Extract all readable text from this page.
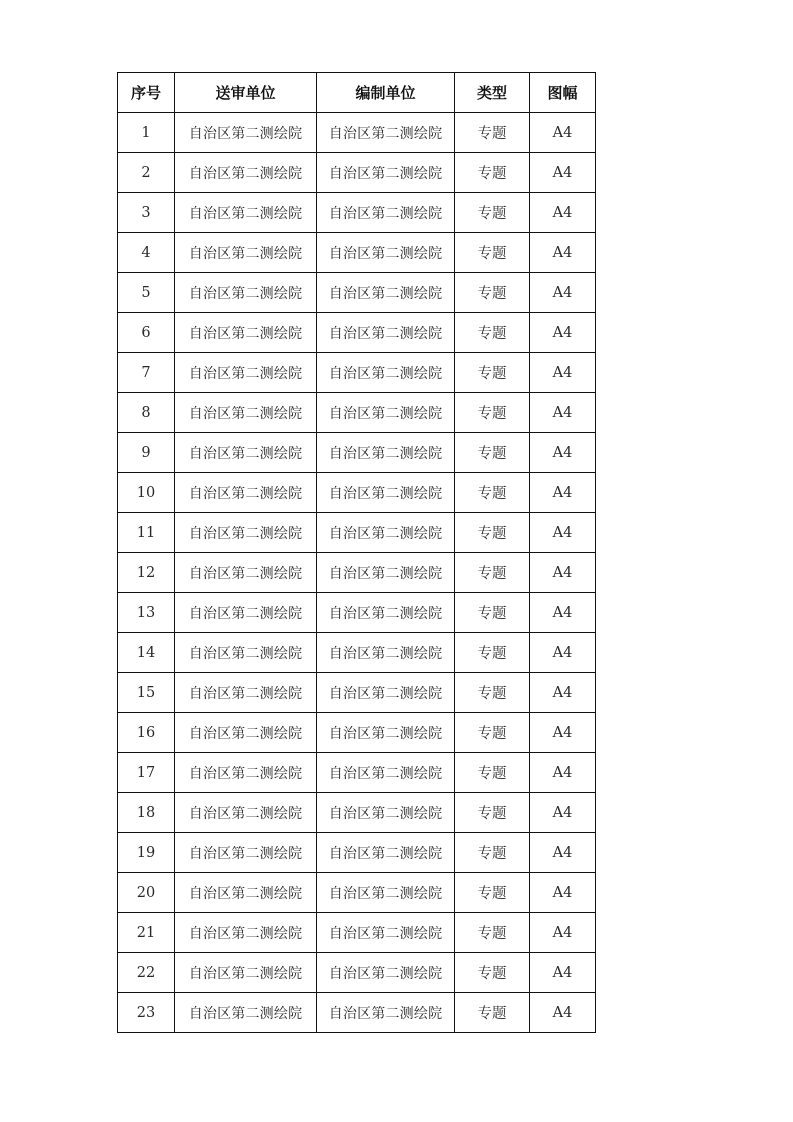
序号	送审单位	编制单位	类型	图幅
1	自治区第二测绘院	自治区第二测绘院	专题	A4
2	自治区第二测绘院	自治区第二测绘院	专题	A4
3	自治区第二测绘院	自治区第二测绘院	专题	A4
4	自治区第二测绘院	自治区第二测绘院	专题	A4
5	自治区第二测绘院	自治区第二测绘院	专题	A4
6	自治区第二测绘院	自治区第二测绘院	专题	A4
7	自治区第二测绘院	自治区第二测绘院	专题	A4
8	自治区第二测绘院	自治区第二测绘院	专题	A4
9	自治区第二测绘院	自治区第二测绘院	专题	A4
10	自治区第二测绘院	自治区第二测绘院	专题	A4
11	自治区第二测绘院	自治区第二测绘院	专题	A4
12	自治区第二测绘院	自治区第二测绘院	专题	A4
13	自治区第二测绘院	自治区第二测绘院	专题	A4
14	自治区第二测绘院	自治区第二测绘院	专题	A4
15	自治区第二测绘院	自治区第二测绘院	专题	A4
16	自治区第二测绘院	自治区第二测绘院	专题	A4
17	自治区第二测绘院	自治区第二测绘院	专题	A4
18	自治区第二测绘院	自治区第二测绘院	专题	A4
19	自治区第二测绘院	自治区第二测绘院	专题	A4
20	自治区第二测绘院	自治区第二测绘院	专题	A4
21	自治区第二测绘院	自治区第二测绘院	专题	A4
22	自治区第二测绘院	自治区第二测绘院	专题	A4
23	自治区第二测绘院	自治区第二测绘院	专题	A4
